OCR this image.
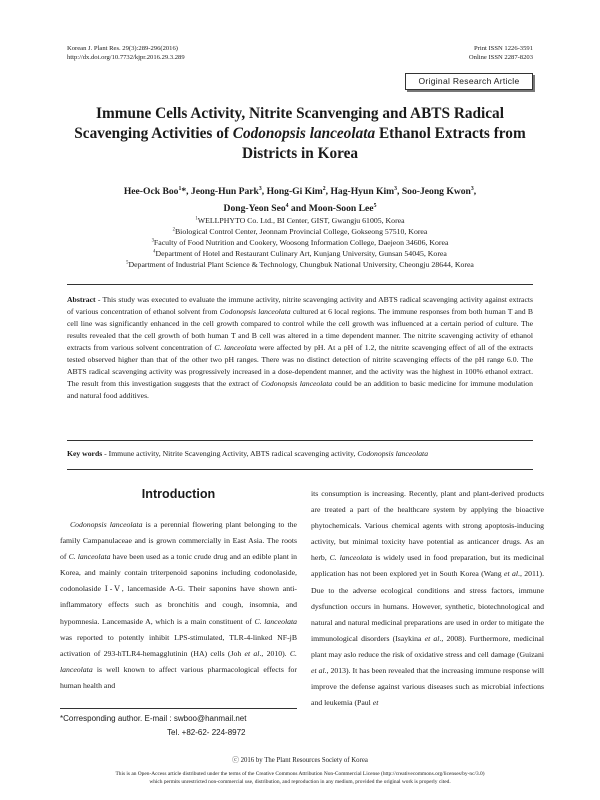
Korean J. Plant Res. 29(3):289-296(2016)
http://dx.doi.org/10.7732/kjpr.2016.29.3.289
Print ISSN 1226-3591
Online ISSN 2287-8203
Original Research Article
Immune Cells Activity, Nitrite Scanvenging and ABTS Radical Scavenging Activities of Codonopsis lanceolata Ethanol Extracts from Districts in Korea
Hee-Ock Boo$^1$*, Jeong-Hun Park$^3$, Hong-Gi Kim$^2$, Hag-Hyun Kim$^3$, Soo-Jeong Kwon$^3$,
Dong-Yeon Seo$^4$ and Moon-Soon Lee$^5$
$^1$WELLPHYTO Co. Ltd., BI Center, GIST, Gwangju 61005, Korea
$^2$Biological Control Center, Jeonnam Provincial College, Gokseong 57510, Korea
$^3$Faculty of Food Nutrition and Cookery, Woosong Information College, Daejeon 34606, Korea
$^4$Department of Hotel and Restaurant Culinary Art, Kunjang University, Gunsan 54045, Korea
$^5$Department of Industrial Plant Science & Technology, Chungbuk National University, Cheongju 28644, Korea

Abstract - This study was executed to evaluate the immune activity, nitrite scavenging activity and ABTS radical scavenging activity against extracts of various concentration of ethanol solvent from Codonopsis lanceolata cultured at 6 local regions. The immune responses from both human T and B cell line was significantly enhanced in the cell growth compared to control while the cell growth was influenced at a certain period of culture. The results revealed that the cell growth of both human T and B cell was altered in a time dependent manner. The nitrite scavenging activity of ethanol extracts from various solvent concentration of C. lanceolata were affected by pH. At a pH of 1.2, the nitrite scavenging effect of all of the extracts tested observed higher than that of the other two pH ranges. There was no distinct detection of nitrite scavenging effects of the pH range 6.0. The ABTS radical scavenging activity was progressively increased in a dose-dependent manner, and the activity was the highest in 100% ethanol extract. The result from this investigation suggests that the extract of Codonopsis lanceolata could be an addition to basic medicine for immune modulation and natural food additives.

Key words - Immune activity, Nitrite Scavenging Activity, ABTS radical scavenging activity, Codonopsis lanceolata
Introduction

Codonopsis lanceolata is a perennial flowering plant belonging to the family Campanulaceae and is grown commercially in East Asia. The roots of C. lanceolata have been used as a tonic crude drug and an edible plant in Korea, and mainly contain triterpenoid saponins including codonolaside, codonolaside Ⅰ-Ⅴ, lancemaside A-G. Their saponins have shown anti-inflammatory effects such as bronchitis and cough, insomnia, and hypomnesia. Lancemaside A, which is a main constituent of C. lanceolata was reported to potently inhibit LPS-stimulated, TLR-4-linked NF-jB activation of 293-hTLR4-hemagglutinin (HA) cells (Joh et al., 2010). C. lanceolata is well known to affect various pharmacological effects for human health and

its consumption is increasing. Recently, plant and plant-derived products are treated a part of the healthcare system by applying the bioactive phytochemicals. Various chemical agents with strong apoptosis-inducing activity, but minimal toxicity have potential as anticancer drugs. As an herb, C. lanceolata is widely used in food preparation, but its medicinal application has not been explored yet in South Korea (Wang et al., 2011). Due to the adverse ecological conditions and stress factors, immune dysfunction occurs in humans. However, synthetic, biotechnological and natural and natural medicinal preparations are used in order to mitigate the immunological disorders (Isaykina et al., 2008). Furthermore, medicinal plant may aslo reduce the risk of oxidative stress and cell damage (Guizani et al., 2013). It has been revealed that the increasing immune response will improve the defense against various diseases such as microbial infections and leukemia (Paul et

*Corresponding author. E-mail : swboo@hanmail.net
Tel. +82-62- 224-8972
ⓒ 2016 by The Plant Resources Society of Korea
This is an Open-Access article distributed under the terms of the Creative Commons Attribution Non-Commercial License (http://creativecommons.org/licenses/by-nc/3.0)
which permits unrestricted non-commercial use, distribution, and reproduction in any medium, provided the original work is properly cited.
